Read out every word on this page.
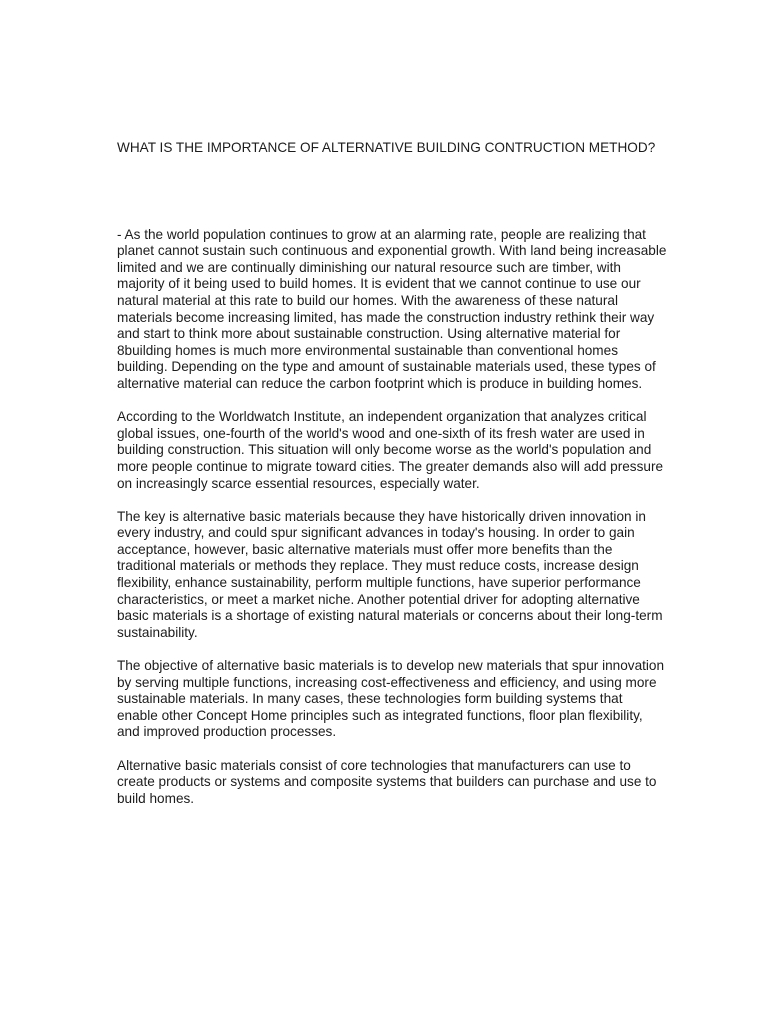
WHAT IS THE IMPORTANCE OF ALTERNATIVE BUILDING CONTRUCTION METHOD?

- As the world population continues to grow at an alarming rate, people are realizing that planet cannot sustain such continuous and exponential growth. With land being increasable limited and we are continually diminishing our natural resource such are timber, with majority of it being used to build homes. It is evident that we cannot continue to use our natural material at this rate to build our homes. With the awareness of these natural materials become increasing limited, has made the construction industry rethink their way and start to think more about sustainable construction. Using alternative material for 8building homes is much more environmental sustainable than conventional homes building. Depending on the type and amount of sustainable materials used, these types of alternative material can reduce the carbon footprint which is produce in building homes.

According to the Worldwatch Institute, an independent organization that analyzes critical global issues, one-fourth of the world's wood and one-sixth of its fresh water are used in building construction. This situation will only become worse as the world's population and more people continue to migrate toward cities. The greater demands also will add pressure on increasingly scarce essential resources, especially water.

The key is alternative basic materials because they have historically driven innovation in every industry, and could spur significant advances in today's housing. In order to gain acceptance, however, basic alternative materials must offer more benefits than the traditional materials or methods they replace. They must reduce costs, increase design flexibility, enhance sustainability, perform multiple functions, have superior performance characteristics, or meet a market niche. Another potential driver for adopting alternative basic materials is a shortage of existing natural materials or concerns about their long-term sustainability.

The objective of alternative basic materials is to develop new materials that spur innovation by serving multiple functions, increasing cost-effectiveness and efficiency, and using more sustainable materials. In many cases, these technologies form building systems that enable other Concept Home principles such as integrated functions, floor plan flexibility, and improved production processes.

Alternative basic materials consist of core technologies that manufacturers can use to create products or systems and composite systems that builders can purchase and use to build homes.
